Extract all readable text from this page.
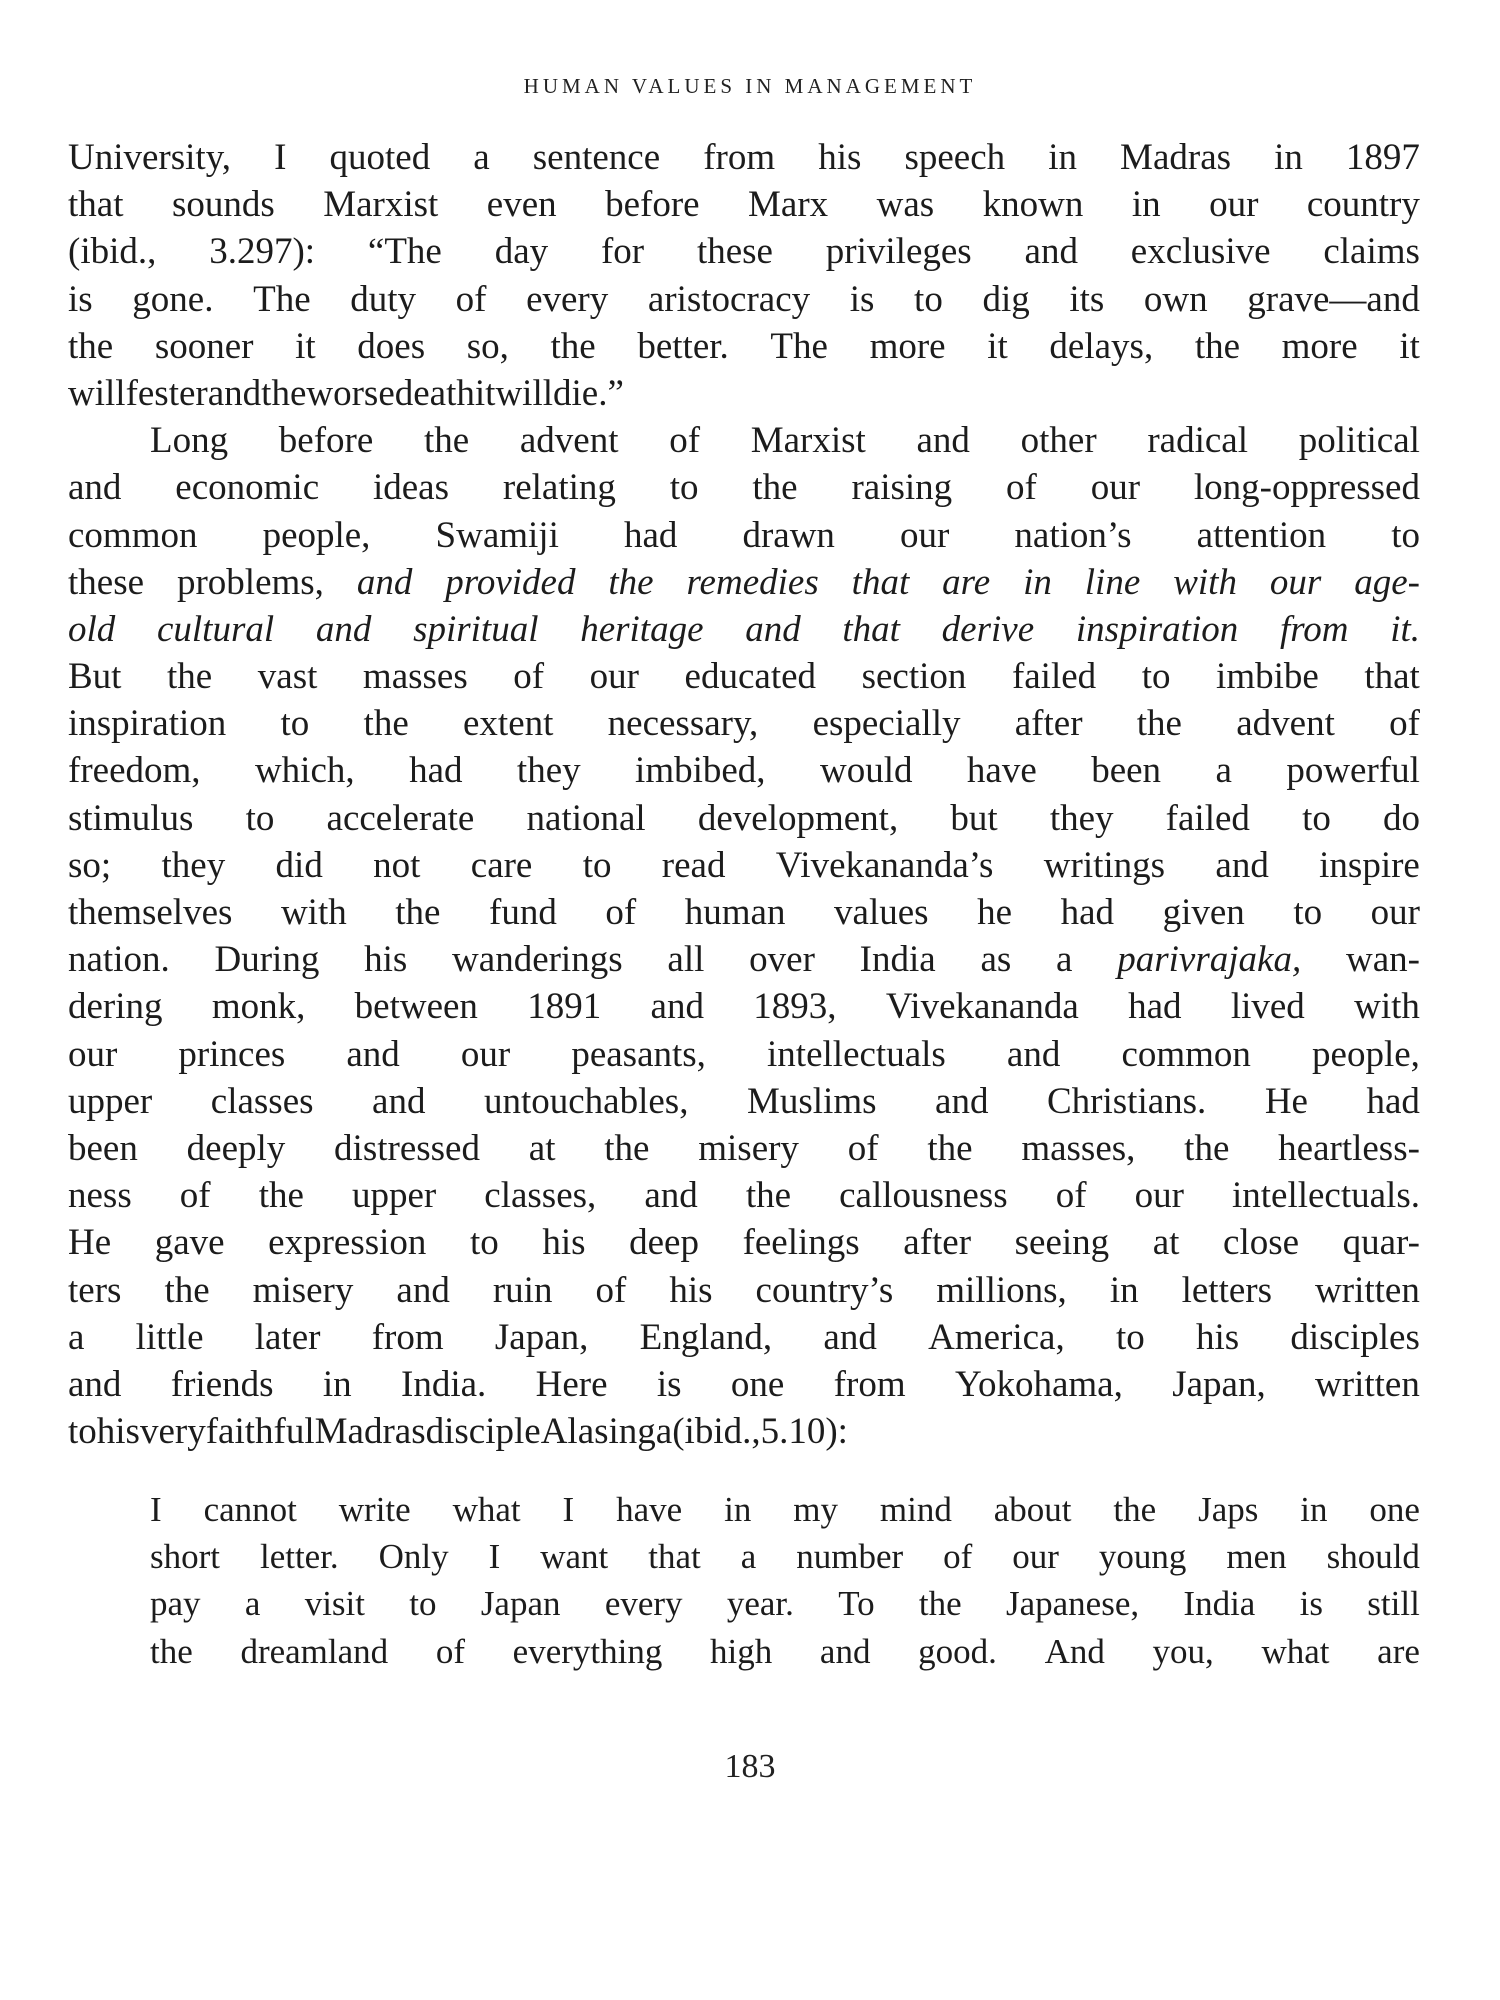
HUMAN VALUES IN MANAGEMENT
University, I quoted a sentence from his speech in Madras in 1897
that sounds Marxist even before Marx was known in our country
(ibid., 3.297): “The day for these privileges and exclusive claims
is gone. The duty of every aristocracy is to dig its own grave—and
the sooner it does so, the better. The more it delays, the more it
will fester and the worse death it will die.”
Long before the advent of Marxist and other radical political
and economic ideas relating to the raising of our long-oppressed
common people, Swamiji had drawn our nation’s attention to
these problems, and provided the remedies that are in line with our age-
old cultural and spiritual heritage and that derive inspiration from it.
But the vast masses of our educated section failed to imbibe that
inspiration to the extent necessary, especially after the advent of
freedom, which, had they imbibed, would have been a powerful
stimulus to accelerate national development, but they failed to do
so; they did not care to read Vivekananda’s writings and inspire
themselves with the fund of human values he had given to our
nation. During his wanderings all over India as a parivrajaka, wan-
dering monk, between 1891 and 1893, Vivekananda had lived with
our princes and our peasants, intellectuals and common people,
upper classes and untouchables, Muslims and Christians. He had
been deeply distressed at the misery of the masses, the heartless-
ness of the upper classes, and the callousness of our intellectuals.
He gave expression to his deep feelings after seeing at close quar-
ters the misery and ruin of his country’s millions, in letters written
a little later from Japan, England, and America, to his disciples
and friends in India. Here is one from Yokohama, Japan, written
to his very faithful Madras disciple Alasinga (ibid., 5.10):
I cannot write what I have in my mind about the Japs in one
short letter. Only I want that a number of our young men should
pay a visit to Japan every year. To the Japanese, India is still
the dreamland of everything high and good. And you, what are
183
